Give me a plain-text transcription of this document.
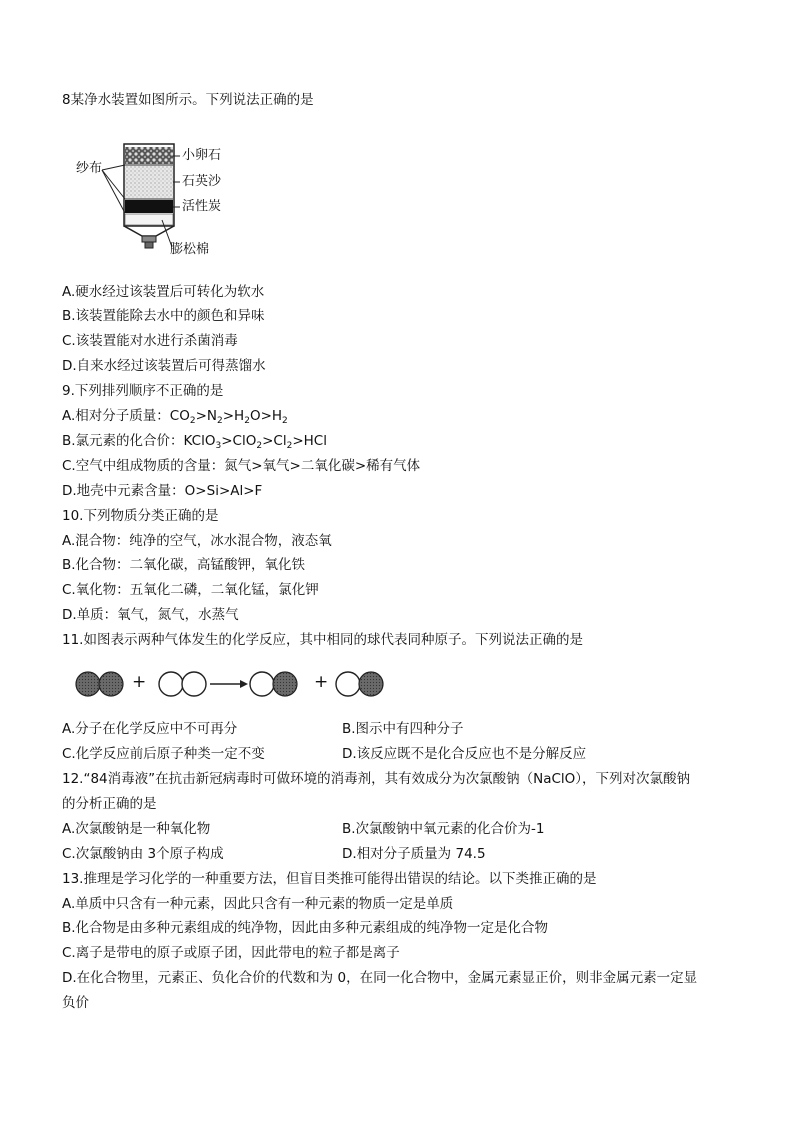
8某净水装置如图所示。下列说法正确的是
纱布
小卵石
石英沙
活性炭
膨松棉
A.硬水经过该装置后可转化为软水
B.该装置能除去水中的颜色和异味
C.该装置能对水进行杀菌消毒
D.自来水经过该装置后可得蒸馏水
9.下列排列顺序不正确的是
A.相对分子质量：$CO_2>N_2>H_2O>H_2$
B.氯元素的化合价：$KClO_3>ClO_2>Cl_2>HCl$
C.空气中组成物质的含量：氮气>氧气>二氧化碳>稀有气体
D.地壳中元素含量：O>Si>Al>F
10.下列物质分类正确的是
A.混合物：纯净的空气，冰水混合物，液态氧
B.化合物：二氧化碳，高锰酸钾，氧化铁
C.氧化物：五氧化二磷，二氧化锰，氯化钾
D.单质：氧气，氮气，水蒸气
11.如图表示两种气体发生的化学反应，其中相同的球代表同种原子。下列说法正确的是
+	+
A.分子在化学反应中不可再分	B.图示中有四种分子
C.化学反应前后原子种类一定不变	D.该反应既不是化合反应也不是分解反应
12.“84消毒液”在抗击新冠病毒时可做环境的消毒剂，其有效成分为次氯酸钠（NaClO），下列对次氯酸钠
的分析正确的是
A.次氯酸钠是一种氧化物	B.次氯酸钠中氧元素的化合价为-1
C.次氯酸钠由 3个原子构成	D.相对分子质量为 74.5
13.推理是学习化学的一种重要方法，但盲目类推可能得出错误的结论。以下类推正确的是
A.单质中只含有一种元素，因此只含有一种元素的物质一定是单质
B.化合物是由多种元素组成的纯净物，因此由多种元素组成的纯净物一定是化合物
C.离子是带电的原子或原子团，因此带电的粒子都是离子
D.在化合物里，元素正、负化合价的代数和为 0，在同一化合物中，金属元素显正价，则非金属元素一定显
负价
